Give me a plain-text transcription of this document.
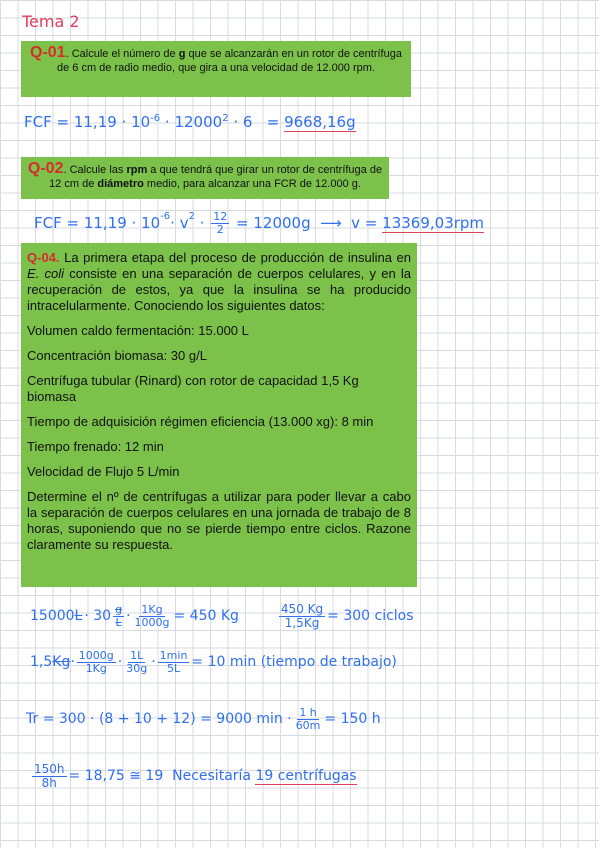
Tema 2

Q-01. Calcule el número de g que se alcanzarán en un rotor de centrífuga de 6 cm de radio medio, que gira a una velocidad de 12.000 rpm.

FCF = $11,19 \cdot 10^{-6} \cdot 12000^2 \cdot 6 = 9668,16g$

Q-02. Calcule las rpm a que tendrá que girar un rotor de centrífuga de 12 cm de diámetro medio, para alcanzar una FCR de 12.000 g.

FCF = $11,19 \cdot 10^{-6} \cdot v^2 \cdot \frac{12}{2} = 12000g$  ⟶  v = 13369,03rpm

Q-04. La primera etapa del proceso de producción de insulina en E. coli consiste en una separación de cuerpos celulares, y en la recuperación de estos, ya que la insulina se ha producido intracelularmente. Conociendo los siguientes datos:

Volumen caldo fermentación: 15.000 L

Concentración biomasa: 30 g/L

Centrífuga tubular (Rinard) con rotor de capacidad 1,5 Kg biomasa

Tiempo de adquisición régimen eficiencia (13.000 xg): 8 min

Tiempo frenado: 12 min

Velocidad de Flujo 5 L/min

Determine el nº de centrífugas a utilizar para poder llevar a cabo la separación de cuerpos celulares en una jornada de trabajo de 8 horas, suponiendo que no se pierde tiempo entre ciclos. Razone claramente su respuesta.

15000 $L \cdot 30 \frac{g}{L} \cdot \frac{1Kg}{1000g} = 450$ Kg	$\frac{450 Kg}{1,5Kg} = 300$ ciclos
1,5 $Kg \cdot \frac{1000g}{1Kg} \cdot \frac{1L}{30g} \cdot \frac{1\min}{5L} = 10$ min (tiempo de trabajo)
Tr = 300 · (8 + 10 + 12) = 9000 $\min \cdot \frac{1 h}{60m} = 150$ h
$\frac{150h}{8h} = 18,75$ ≅ 19  Necesitaría 19 centrífugas
